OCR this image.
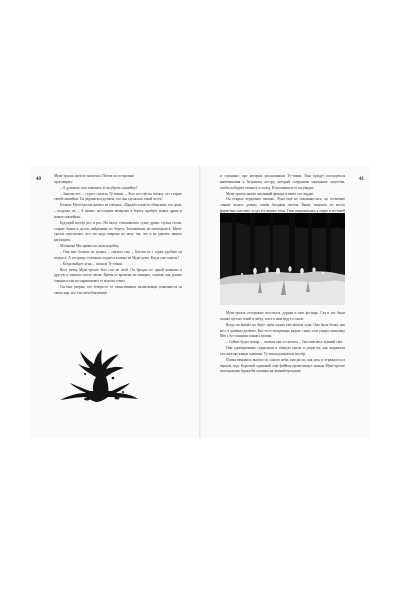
40

Мумі-тролль идзісте замолчал. Потом он осторожно

проговорил:

– А думаешь, оно замечает, если убрать скамейку?

– Знаешь что, – строго сказала Ту-тикки. – Этот ко-стёр на тысячу лет старше твоей скамейки. Ты радоваться должен, что она сделалась такой честь!

Больше Мумі-тролль ничего не говорил. «Придётся как-то объяснить это дома, – подумал он. – А может, не-сложим вечерами в берегу прибьёт новые дрова и новые скамейки».

Будущий костёр рос и рос. На пазлу стаскивались сухие дрова, стулья столы, старые бочки и доски, найденные по берегу. Заталкивали не помещались. Мумі-тролль чувствовал, что это надо вовремо по ночу так, что и не удвоить никого растащить.

Малышка Мю принесла свою коробку.

– Она мне больше не нужна, – сказала она. – Катить-ся с горки удобнее на подносе. А сестрицу отличная сгодится в ванне из Мумі-дома. Когда уже зажечь?

– Когда выйдет луна, – сказала Ту-тикки.

Весь вечер Мумі-тролль был сам не свой. Он бродил по одной комнаты в другую и зажигал после свечи. Время от времени он замирал, слушая, как дышит спящие и как по-скрипывают от мороза стены.

Он был уверен, что теперь-то от таинственные незна-комцы появляются из своих нор, все эти светобоязливые

41

и странные, про которых рассказывала Ту-тикки. Они придут погладиться напоминания к большому костру, который сооружили маленькие существа, чтобы победить темноту и холод. И им наконец-то он увидит.

Мумі-тролль нашёл масляный фонарь и взвёл его чердак.

Он открыл чердачное окошко. Луна ещё не показыва-лась, но отсвечнее сияние залило долину синим бледным светом. Внизу тянулись по мосту фарвельно шествие, и-дут его ящики теми. Тени направлялись к морю и мо-вшей

Мумі-тролль осторожно спустился, дернув и свис фо-нарь. Сад и лес были полны пустых теней и звёзд, и все к ним ведут к скале.

Когда он вышёл на берег, идём ладом уже вышла луна. Она была белая, как мел, в далёком далёких. Кто-то ос-вещающие рядом с ним, и он увидел малышку Мю с бо-стящими злыми глазами.

– Сейчас будет пожар, – сказала она со смехом. – Сна-ким весь лунный свет.

Они одновременно спрыгнули в тёмную скалы и увиде-ли, как запрыгали там жёлтые языки пламени: Ту-тикки разжигала костёр.

Пламя взмывало высоко по самого неба, оно росло, как дом, и отражалось в чёрном, над. Короткой одинокий ещё феййты промелькнул знаком Мумі-тролле запоздалыми буркоубы гномика на зимний праздник.
